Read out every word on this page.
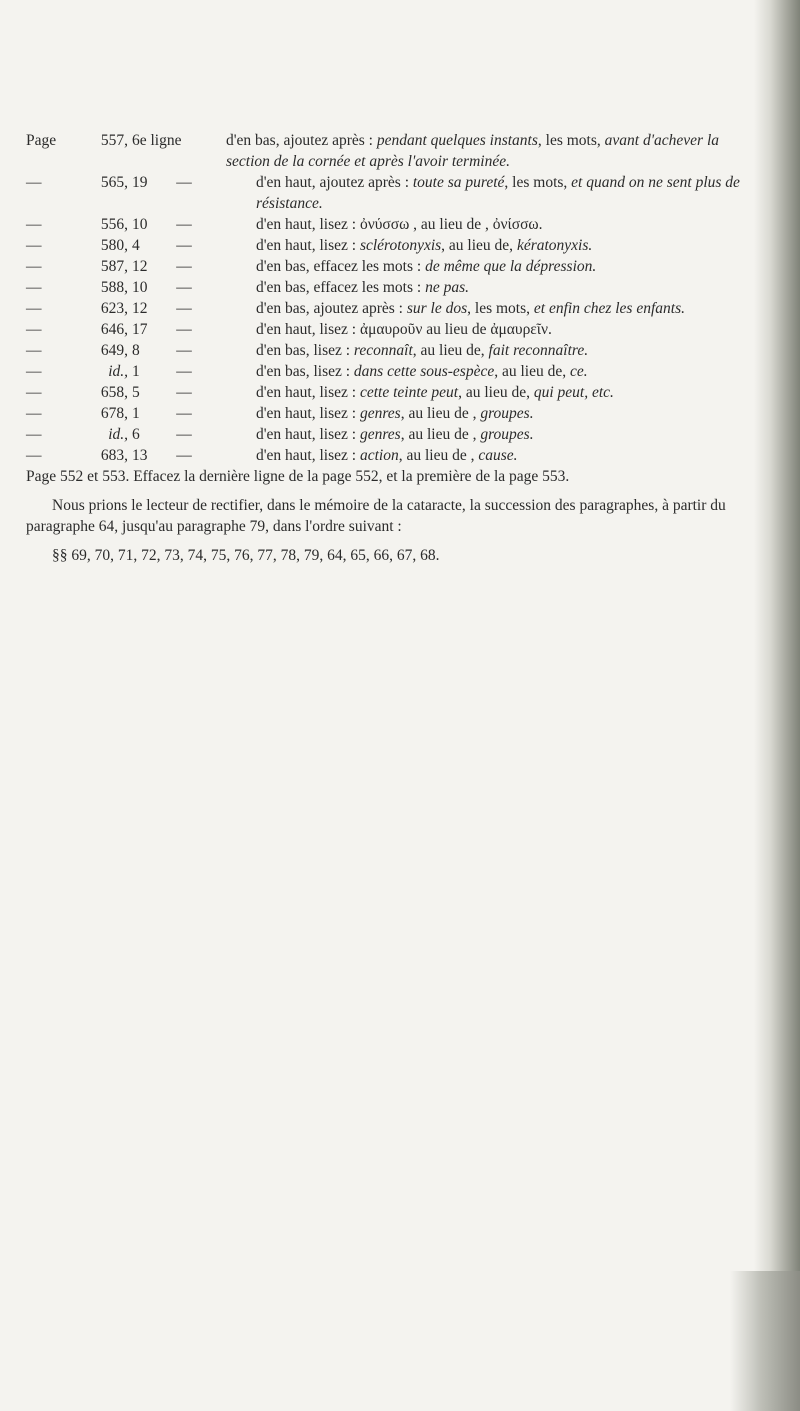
Page	557, 6e ligne	d'en bas, ajoutez après : pendant quelques instants, les mots, avant d'achever la section de la cornée et après l'avoir terminée.
—	565, 19 —	d'en haut, ajoutez après : toute sa pureté, les mots, et quand on ne sent plus de résistance.
—	556, 10 —	d'en haut, lisez : ὀνύσσω , au lieu de , ὀνίσσω.
—	580, 4 —	d'en haut, lisez : sclérotonyxis, au lieu de, kératonyxis.
—	587, 12 —	d'en bas, effacez les mots : de même que la dépression.
—	588, 10 —	d'en bas, effacez les mots : ne pas.
—	623, 12 —	d'en bas, ajoutez après : sur le dos, les mots, et enfin chez les enfants.
—	646, 17 —	d'en haut, lisez : ἀμαυροῦν au lieu de ἀμαυρεῖν.
—	649, 8 —	d'en bas, lisez : reconnaît, au lieu de, fait reconnaître.
—	id., 1 —	d'en bas, lisez : dans cette sous-espèce, au lieu de, ce.
—	658, 5 —	d'en haut, lisez : cette teinte peut, au lieu de, qui peut, etc.
—	678, 1 —	d'en haut, lisez : genres, au lieu de , groupes.
—	id., 6 —	d'en haut, lisez : genres, au lieu de , groupes.
—	683, 13 —	d'en haut, lisez : action, au lieu de , cause.
Page 552 et 553. Effacez la dernière ligne de la page 552, et la première de la page 553.
Nous prions le lecteur de rectifier, dans le mémoire de la cataracte, la succession des paragraphes, à partir du paragraphe 64, jusqu'au paragraphe 79, dans l'ordre suivant :
§§ 69, 70, 71, 72, 73, 74, 75, 76, 77, 78, 79, 64, 65, 66, 67, 68.
